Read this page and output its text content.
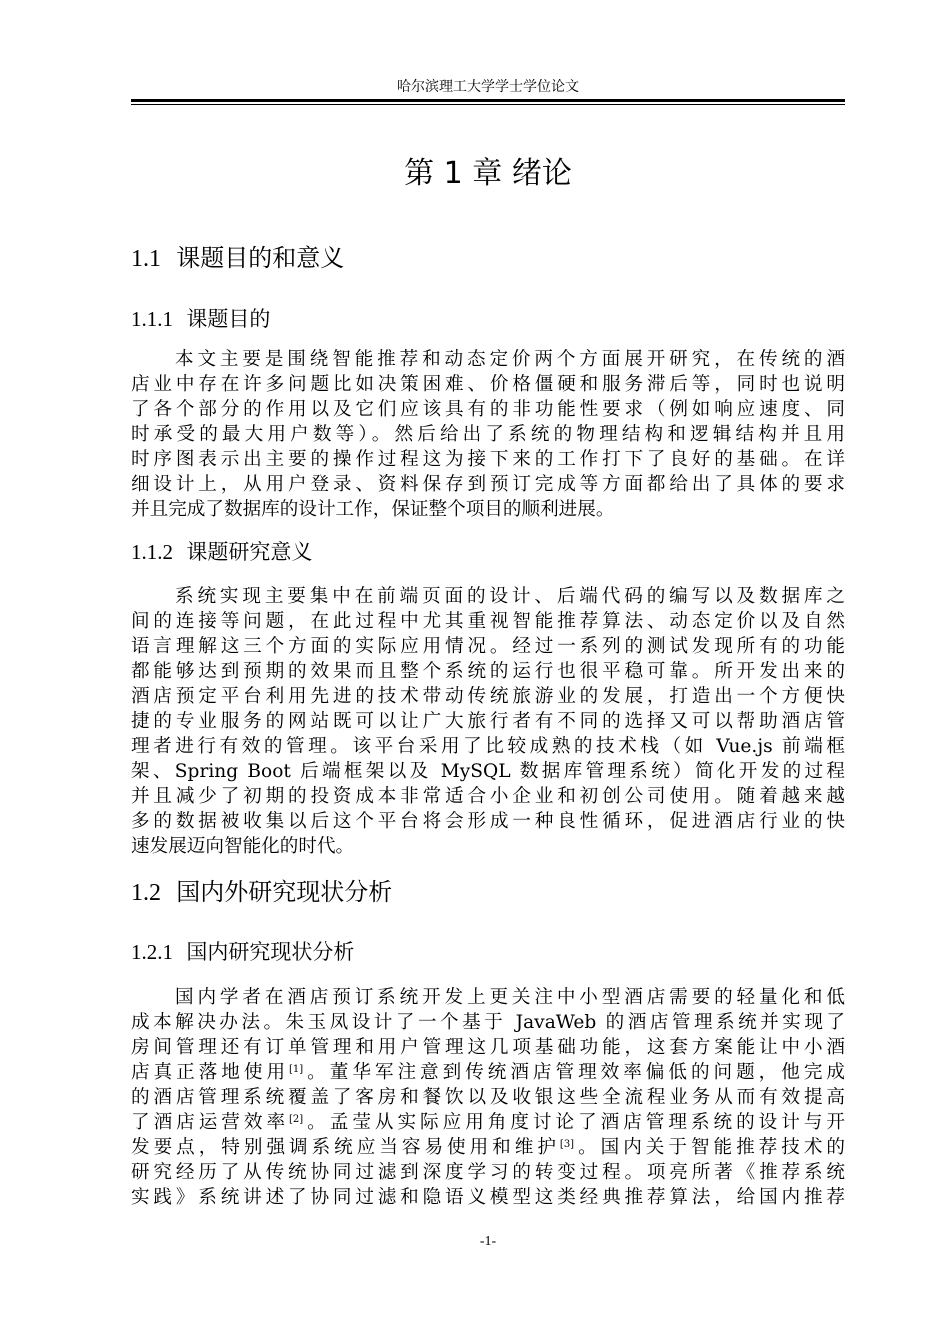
哈尔滨理工大学学士学位论文
第 1 章 绪论
1.1 课题目的和意义
1.1.1 课题目的
本文主要是围绕智能推荐和动态定价两个方面展开研究，在传统的酒
店业中存在许多问题比如决策困难、价格僵硬和服务滞后等，同时也说明
了各个部分的作用以及它们应该具有的非功能性要求（例如响应速度、同
时承受的最大用户数等）。然后给出了系统的物理结构和逻辑结构并且用
时序图表示出主要的操作过程这为接下来的工作打下了良好的基础。在详
细设计上，从用户登录、资料保存到预订完成等方面都给出了具体的要求
并且完成了数据库的设计工作，保证整个项目的顺利进展。
1.1.2 课题研究意义
系统实现主要集中在前端页面的设计、后端代码的编写以及数据库之
间的连接等问题，在此过程中尤其重视智能推荐算法、动态定价以及自然
语言理解这三个方面的实际应用情况。经过一系列的测试发现所有的功能
都能够达到预期的效果而且整个系统的运行也很平稳可靠。所开发出来的
酒店预定平台利用先进的技术带动传统旅游业的发展，打造出一个方便快
捷的专业服务的网站既可以让广大旅行者有不同的选择又可以帮助酒店管
理者进行有效的管理。该平台采用了比较成熟的技术栈（如 Vue.js 前端框
架、Spring Boot 后端框架以及 MySQL 数据库管理系统）简化开发的过程
并且减少了初期的投资成本非常适合小企业和初创公司使用。随着越来越
多的数据被收集以后这个平台将会形成一种良性循环，促进酒店行业的快
速发展迈向智能化的时代。
1.2 国内外研究现状分析
1.2.1 国内研究现状分析
国内学者在酒店预订系统开发上更关注中小型酒店需要的轻量化和低
成本解决办法。朱玉凤设计了一个基于 JavaWeb 的酒店管理系统并实现了
房间管理还有订单管理和用户管理这几项基础功能，这套方案能让中小酒
店真正落地使用[1]。董华军注意到传统酒店管理效率偏低的问题，他完成
的酒店管理系统覆盖了客房和餐饮以及收银这些全流程业务从而有效提高
了酒店运营效率[2]。孟莹从实际应用角度讨论了酒店管理系统的设计与开
发要点，特别强调系统应当容易使用和维护[3]。国内关于智能推荐技术的
研究经历了从传统协同过滤到深度学习的转变过程。项亮所著《推荐系统
实践》系统讲述了协同过滤和隐语义模型这类经典推荐算法，给国内推荐
-1-
